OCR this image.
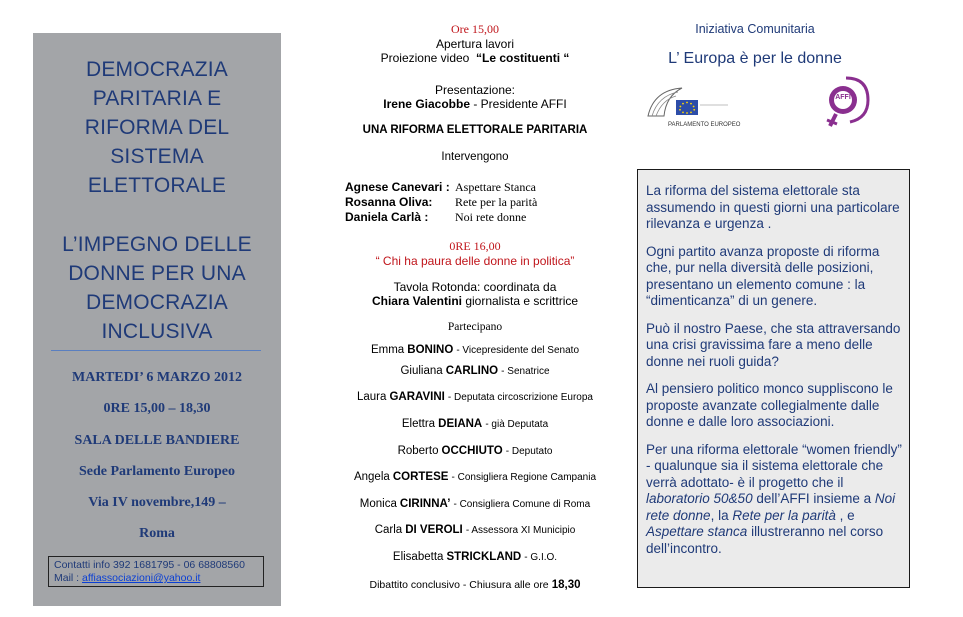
DEMOCRAZIA
PARITARIA E
RIFORMA DEL
SISTEMA
ELETTORALE
L’IMPEGNO DELLE
DONNE PER UNA
DEMOCRAZIA
INCLUSIVA
MARTEDI’ 6 MARZO 2012
0RE 15,00 – 18,30
SALA DELLE BANDIERE
Sede Parlamento Europeo
Via IV novembre,149 –
Roma
Contatti info 392 1681795 - 06 68808560
Mail : affiassociazioni@yahoo.it
Ore 15,00
Apertura lavori
Proiezione video “Le costituenti “
Presentazione:
Irene Giacobbe - Presidente AFFI
UNA RIFORMA ELETTORALE PARITARIA
Intervengono
Agnese Canevari : Aspettare Stanca
Rosanna Oliva: Rete per la parità
Daniela Carlà : Noi rete donne
0RE 16,00
“ Chi ha paura delle donne in politica”
Tavola Rotonda: coordinata da
Chiara Valentini giornalista e scrittrice
Partecipano
Emma BONINO - Vicepresidente del Senato
Giuliana CARLINO - Senatrice
Laura GARAVINI - Deputata circoscrizione Europa
Elettra DEIANA - già Deputata
Roberto OCCHIUTO - Deputato
Angela CORTESE - Consigliera Regione Campania
Monica CIRINNA’ - Consigliera Comune di Roma
Carla DI VEROLI - Assessora XI Municipio
Elisabetta STRICKLAND - G.I.O.
Dibattito conclusivo - Chiusura alle ore 18,30
Iniziativa Comunitaria
L’ Europa è per le donne
PARLAMENTO EUROPEO
AFFI

La riforma del sistema elettorale sta assumendo in questi giorni una particolare rilevanza e urgenza .

Ogni partito avanza proposte di riforma che, pur nella diversità delle posizioni, presentano un elemento comune : la “dimenticanza” di un genere.

Può il nostro Paese, che sta attraversando una crisi gravissima fare a meno delle donne nei ruoli guida?

Al pensiero politico monco suppliscono le proposte avanzate collegialmente dalle donne e dalle loro associazioni.

Per una riforma elettorale “women friendly” - qualunque sia il sistema elettorale che verrà adottato- è il progetto che il laboratorio 50&50 dell’AFFI insieme a Noi rete donne, la Rete per la parità , e Aspettare stanca illustreranno nel corso dell’incontro.
